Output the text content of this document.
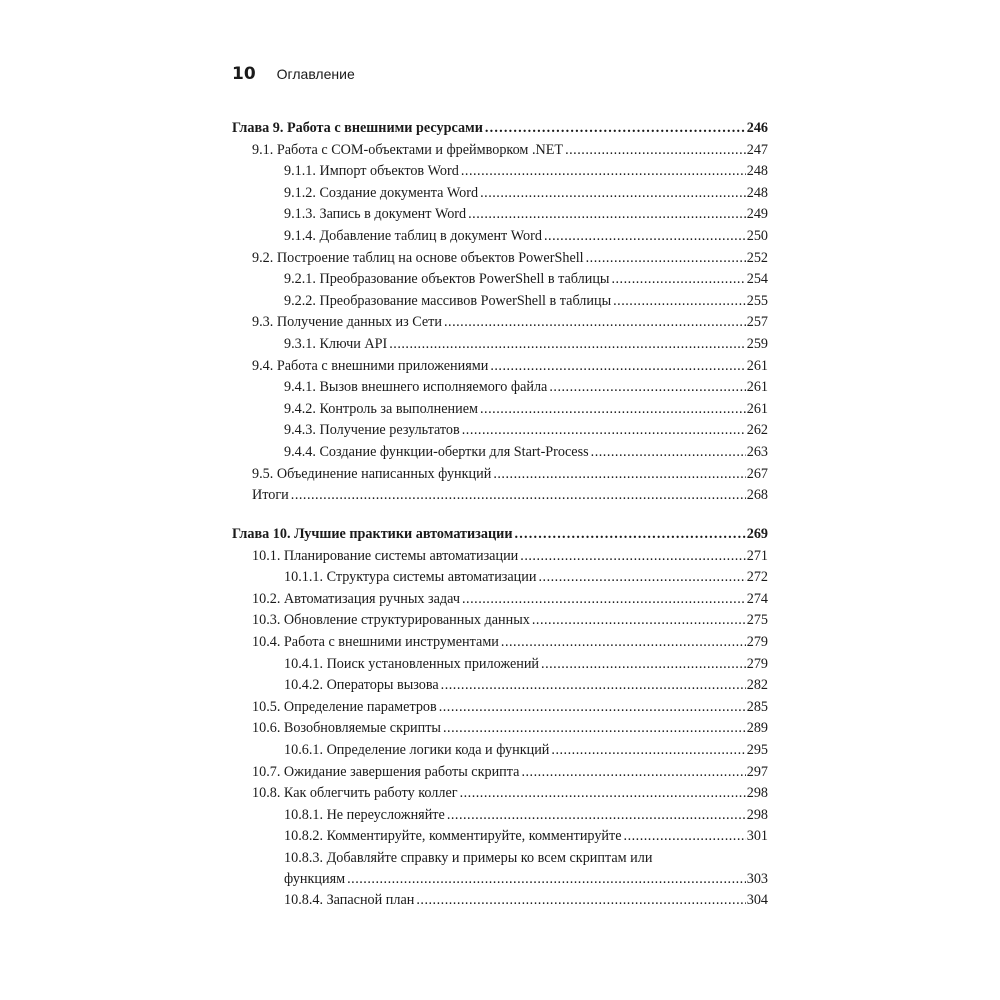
10 Оглавление
Глава 9. Работа с внешними ресурсами .....	246
9.1. Работа с COM-объектами и фреймворком .NET .....	247
9.1.1. Импорт объектов Word .....	248
9.1.2. Создание документа Word .....	248
9.1.3. Запись в документ Word .....	249
9.1.4. Добавление таблиц в документ Word .....	250
9.2. Построение таблиц на основе объектов PowerShell .....	252
9.2.1. Преобразование объектов PowerShell в таблицы .....	254
9.2.2. Преобразование массивов PowerShell в таблицы .....	255
9.3. Получение данных из Сети .....	257
9.3.1. Ключи API .....	259
9.4. Работа с внешними приложениями .....	261
9.4.1. Вызов внешнего исполняемого файла .....	261
9.4.2. Контроль за выполнением .....	261
9.4.3. Получение результатов .....	262
9.4.4. Создание функции-обертки для Start-Process .....	263
9.5. Объединение написанных функций .....	267
Итоги .....	268
Глава 10. Лучшие практики автоматизации .....	269
10.1. Планирование системы автоматизации .....	271
10.1.1. Структура системы автоматизации .....	272
10.2. Автоматизация ручных задач .....	274
10.3. Обновление структурированных данных .....	275
10.4. Работа с внешними инструментами .....	279
10.4.1. Поиск установленных приложений .....	279
10.4.2. Операторы вызова .....	282
10.5. Определение параметров .....	285
10.6. Возобновляемые скрипты .....	289
10.6.1. Определение логики кода и функций .....	295
10.7. Ожидание завершения работы скрипта .....	297
10.8. Как облегчить работу коллег .....	298
10.8.1. Не переусложняйте .....	298
10.8.2. Комментируйте, комментируйте, комментируйте .....	301
10.8.3. Добавляйте справку и примеры ко всем скриптам или
функциям .....	303
10.8.4. Запасной план .....	304
